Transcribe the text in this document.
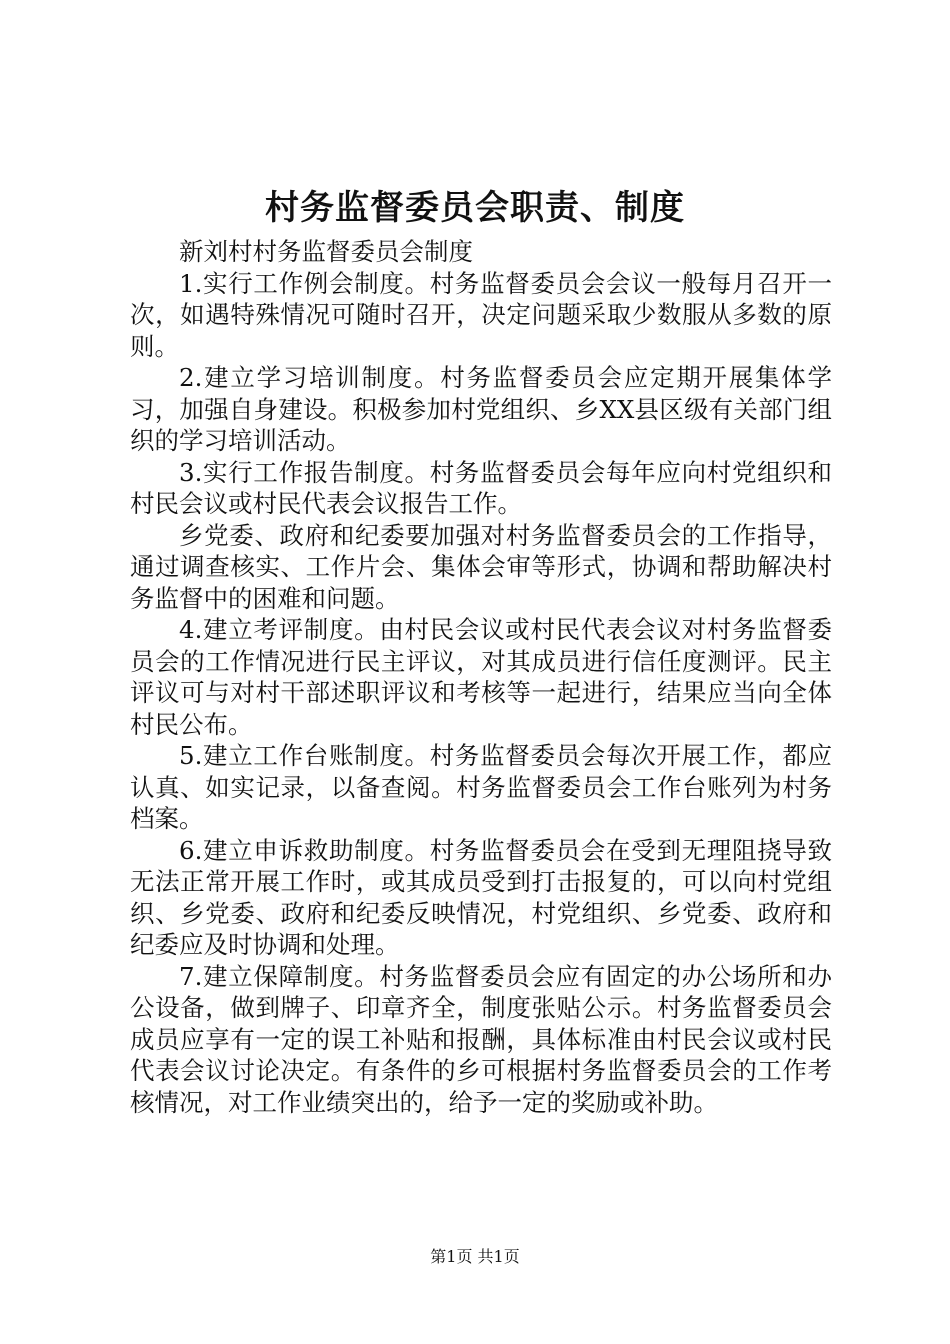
村务监督委员会职责、制度

新刘村村务监督委员会制度

1.实行工作例会制度。村务监督委员会会议一般每月召开一次，如遇特殊情况可随时召开，决定问题采取少数服从多数的原则。

2.建立学习培训制度。村务监督委员会应定期开展集体学习，加强自身建设。积极参加村党组织、乡XX县区级有关部门组织的学习培训活动。

3.实行工作报告制度。村务监督委员会每年应向村党组织和村民会议或村民代表会议报告工作。

乡党委、政府和纪委要加强对村务监督委员会的工作指导，通过调查核实、工作片会、集体会审等形式，协调和帮助解决村务监督中的困难和问题。

4.建立考评制度。由村民会议或村民代表会议对村务监督委员会的工作情况进行民主评议，对其成员进行信任度测评。民主评议可与对村干部述职评议和考核等一起进行，结果应当向全体村民公布。

5.建立工作台账制度。村务监督委员会每次开展工作，都应认真、如实记录，以备查阅。村务监督委员会工作台账列为村务档案。

6.建立申诉救助制度。村务监督委员会在受到无理阻挠导致无法正常开展工作时，或其成员受到打击报复的，可以向村党组织、乡党委、政府和纪委反映情况，村党组织、乡党委、政府和纪委应及时协调和处理。

7.建立保障制度。村务监督委员会应有固定的办公场所和办公设备，做到牌子、印章齐全，制度张贴公示。村务监督委员会成员应享有一定的误工补贴和报酬，具体标准由村民会议或村民代表会议讨论决定。有条件的乡可根据村务监督委员会的工作考核情况，对工作业绩突出的，给予一定的奖励或补助。

第1页 共1页
